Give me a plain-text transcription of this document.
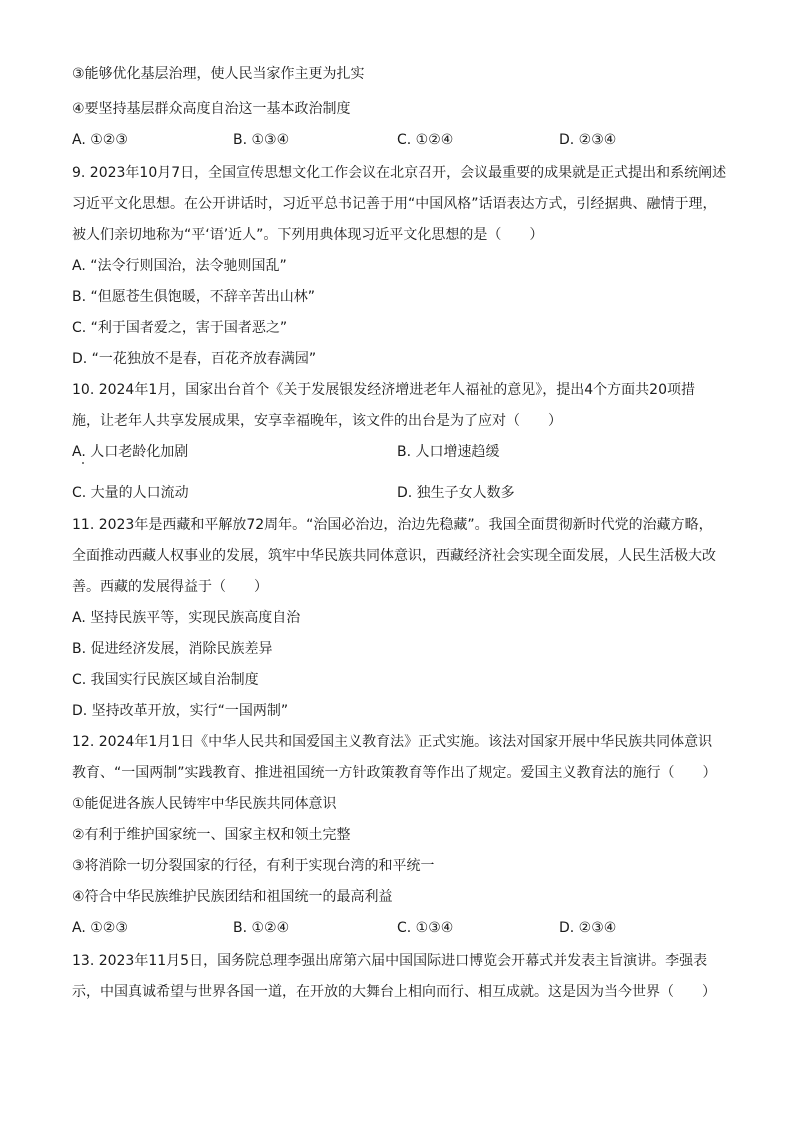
③能够优化基层治理，使人民当家作主更为扎实
④要坚持基层群众高度自治这一基本政治制度
A. ①②③	B. ①③④	C. ①②④	D. ②③④
9. 2023年10月7日，全国宣传思想文化工作会议在北京召开，会议最重要的成果就是正式提出和系统阐述
习近平文化思想。在公开讲话时，习近平总书记善于用“中国风格”话语表达方式，引经据典、融情于理，
被人们亲切地称为“平‘语’近人”。下列用典体现习近平文化思想的是（　　）
A. “法令行则国治，法令驰则国乱”
B. “但愿苍生俱饱暖，不辞辛苦出山林”
C. “利于国者爱之，害于国者恶之”
D. “一花独放不是春，百花齐放春满园”
10. 2024年1月，国家出台首个《关于发展银发经济增进老年人福祉的意见》，提出4个方面共20项措
施，让老年人共享发展成果，安享幸福晚年，该文件的出台是为了应对（　　）
A. 人口老龄化加剧	B. 人口增速趋缓
C. 大量的人口流动	D. 独生子女人数多
11. 2023年是西藏和平解放72周年。“治国必治边，治边先稳藏”。我国全面贯彻新时代党的治藏方略，
全面推动西藏人权事业的发展，筑牢中华民族共同体意识，西藏经济社会实现全面发展，人民生活极大改
善。西藏的发展得益于（　　）
A. 坚持民族平等，实现民族高度自治
B. 促进经济发展，消除民族差异
C. 我国实行民族区域自治制度
D. 坚持改革开放，实行“一国两制”
12. 2024年1月1日《中华人民共和国爱国主义教育法》正式实施。该法对国家开展中华民族共同体意识
教育、“一国两制”实践教育、推进祖国统一方针政策教育等作出了规定。爱国主义教育法的施行（　　）
①能促进各族人民铸牢中华民族共同体意识
②有利于维护国家统一、国家主权和领土完整
③将消除一切分裂国家的行径，有利于实现台湾的和平统一
④符合中华民族维护民族团结和祖国统一的最高利益
A. ①②③	B. ①②④	C. ①③④	D. ②③④
13. 2023年11月5日，国务院总理李强出席第六届中国国际进口博览会开幕式并发表主旨演讲。李强表
示，中国真诚希望与世界各国一道，在开放的大舞台上相向而行、相互成就。这是因为当今世界（　　）
